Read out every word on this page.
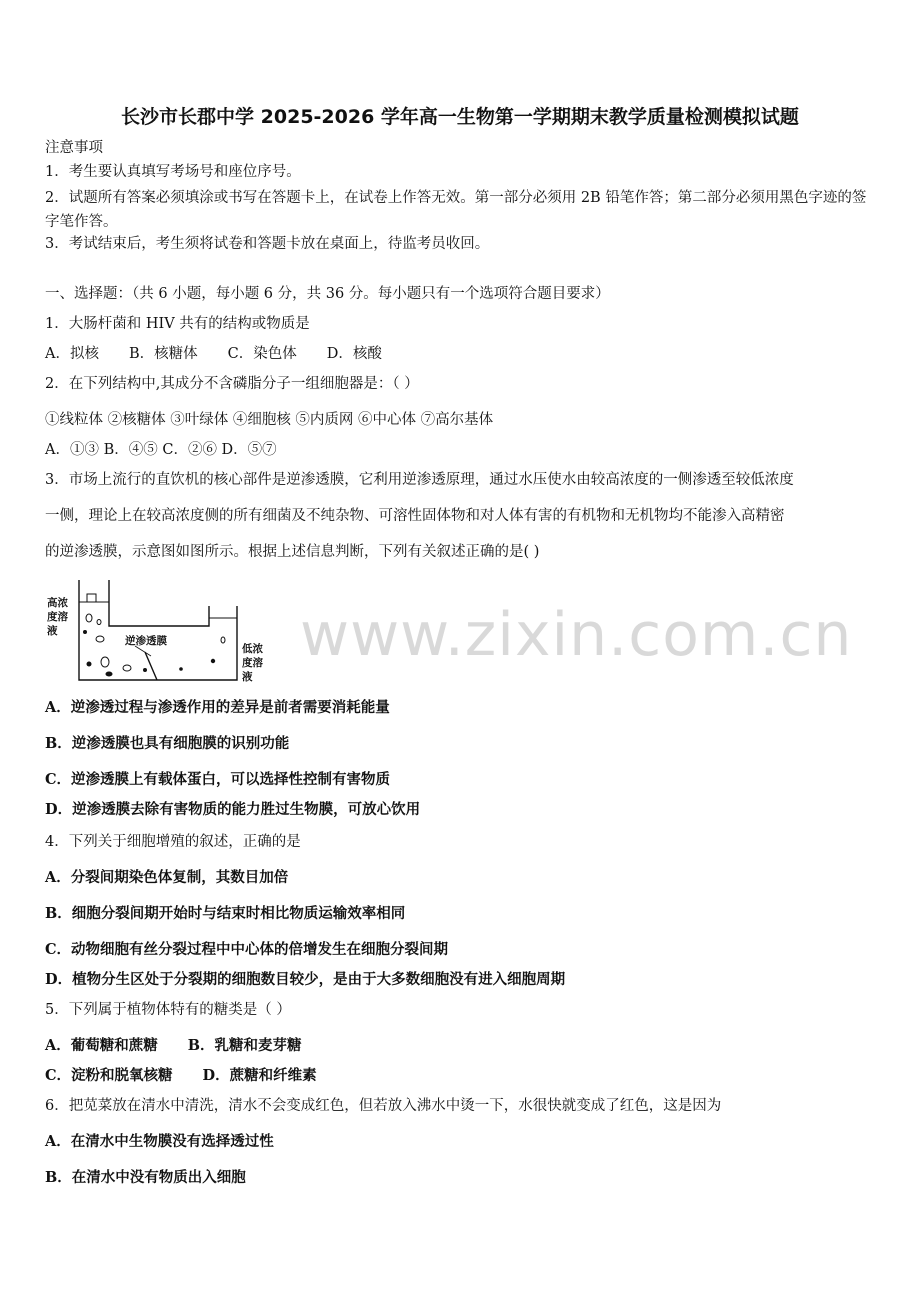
长沙市长郡中学 2025-2026 学年高一生物第一学期期末教学质量检测模拟试题
注意事项
1．考生要认真填写考场号和座位序号。
2．试题所有答案必须填涂或书写在答题卡上，在试卷上作答无效。第一部分必须用 2B 铅笔作答；第二部分必须用黑色字迹的签字笔作答。
3．考试结束后，考生须将试卷和答题卡放在桌面上，待监考员收回。
一、选择题：（共 6 小题，每小题 6 分，共 36 分。每小题只有一个选项符合题目要求）
1．大肠杆菌和 HIV 共有的结构或物质是
A．拟核 B．核糖体 C．染色体 D．核酸
2．在下列结构中,其成分不含磷脂分子一组细胞器是：（ ）
①线粒体 ②核糖体 ③叶绿体 ④细胞核 ⑤内质网 ⑥中心体 ⑦高尔基体
A．①③ B．④⑤ C．②⑥ D．⑤⑦
3．市场上流行的直饮机的核心部件是逆渗透膜，它利用逆渗透原理，通过水压使水由较高浓度的一侧渗透至较低浓度
一侧，理论上在较高浓度侧的所有细菌及不纯杂物、可溶性固体物和对人体有害的有机物和无机物均不能渗入高精密
的逆渗透膜，示意图如图所示。根据上述信息判断，下列有关叙述正确的是( )
高浓
度溶
液
逆渗透膜
低浓
度溶
液
www.zixin.com.cn
A．逆渗透过程与渗透作用的差异是前者需要消耗能量
B．逆渗透膜也具有细胞膜的识别功能
C．逆渗透膜上有载体蛋白，可以选择性控制有害物质
D．逆渗透膜去除有害物质的能力胜过生物膜，可放心饮用
4．下列关于细胞增殖的叙述，正确的是
A．分裂间期染色体复制，其数目加倍
B．细胞分裂间期开始时与结束时相比物质运输效率相同
C．动物细胞有丝分裂过程中中心体的倍增发生在细胞分裂间期
D．植物分生区处于分裂期的细胞数目较少，是由于大多数细胞没有进入细胞周期
5．下列属于植物体特有的糖类是（ ）
A．葡萄糖和蔗糖 B．乳糖和麦芽糖
C．淀粉和脱氧核糖 D．蔗糖和纤维素
6．把苋菜放在清水中清洗，清水不会变成红色，但若放入沸水中烫一下，水很快就变成了红色，这是因为
A．在清水中生物膜没有选择透过性
B．在清水中没有物质出入细胞
